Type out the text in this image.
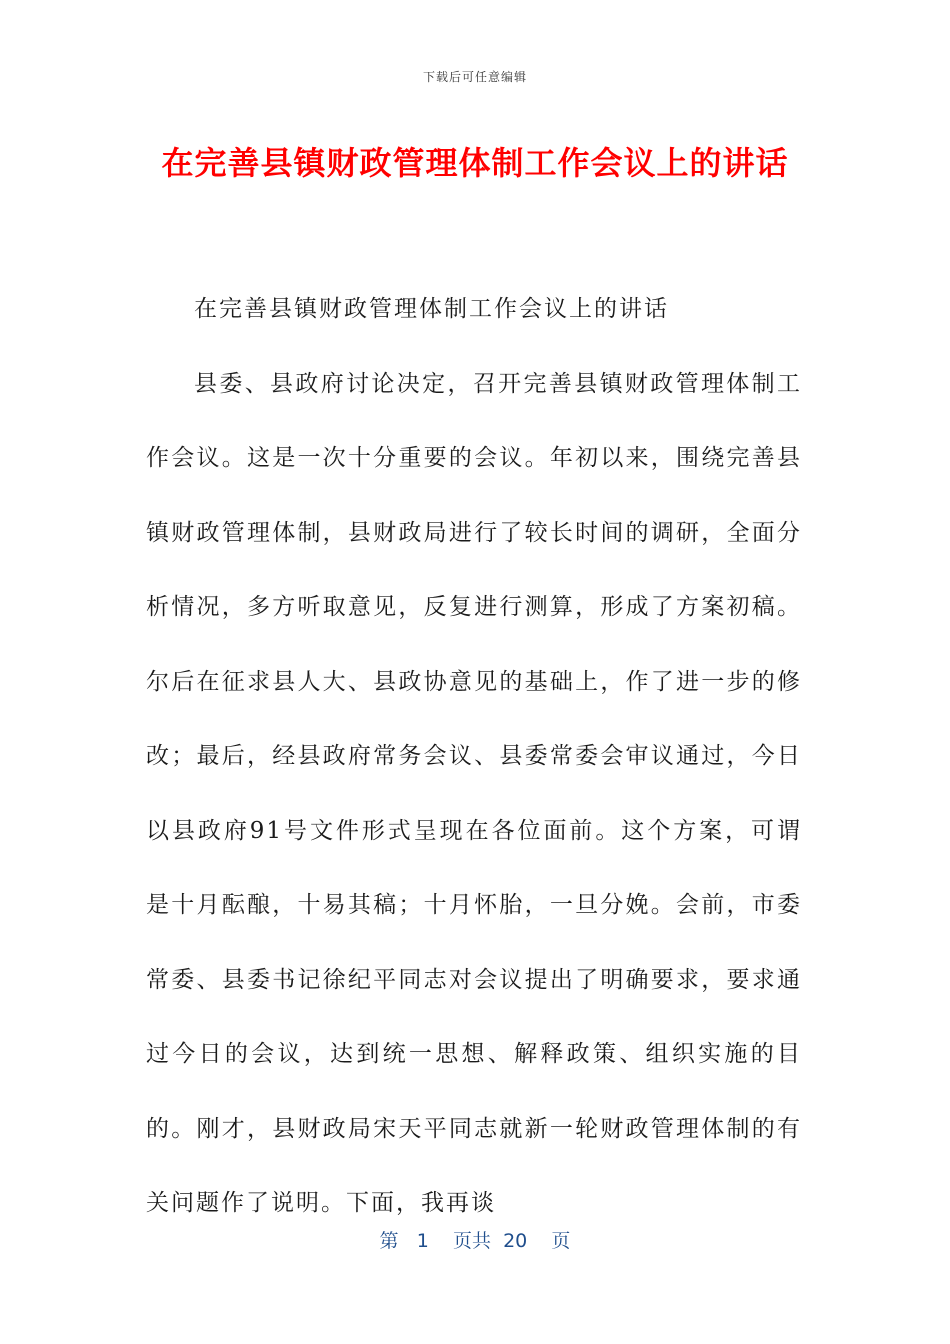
下载后可任意编辑
在完善县镇财政管理体制工作会议上的讲话

在完善县镇财政管理体制工作会议上的讲话

县委、县政府讨论决定，召开完善县镇财政管理体制工作会议。这是一次十分重要的会议。年初以来，围绕完善县镇财政管理体制，县财政局进行了较长时间的调研，全面分析情况，多方听取意见，反复进行测算，形成了方案初稿。尔后在征求县人大、县政协意见的基础上，作了进一步的修改；最后，经县政府常务会议、县委常委会审议通过，今日以县政府91号文件形式呈现在各位面前。这个方案，可谓是十月酝酿，十易其稿；十月怀胎，一旦分娩。会前，市委常委、县委书记徐纪平同志对会议提出了明确要求，要求通过今日的会议，达到统一思想、解释政策、组织实施的目的。刚才，县财政局宋天平同志就新一轮财政管理体制的有关问题作了说明。下面，我再谈

第 1 页共 20 页
